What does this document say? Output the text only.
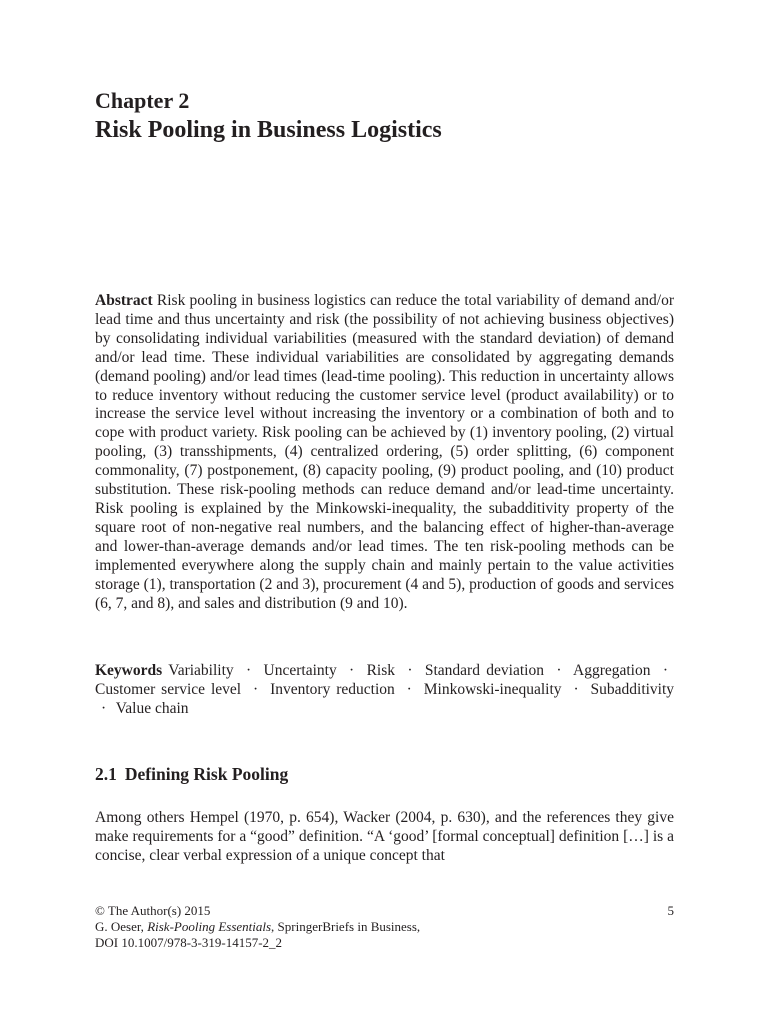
Chapter 2
Risk Pooling in Business Logistics

Abstract Risk pooling in business logistics can reduce the total variability of demand and/or lead time and thus uncertainty and risk (the possibility of not achieving business objectives) by consolidating individual variabilities (measured with the standard deviation) of demand and/or lead time. These individual variabilities are consolidated by aggregating demands (demand pooling) and/or lead times (lead-time pooling). This reduction in uncertainty allows to reduce inventory without reducing the customer service level (product availability) or to increase the service level without increasing the inventory or a combination of both and to cope with product variety. Risk pooling can be achieved by (1) inventory pooling, (2) virtual pooling, (3) transshipments, (4) centralized ordering, (5) order splitting, (6) component commonality, (7) postponement, (8) capacity pooling, (9) product pooling, and (10) product substitution. These risk-pooling methods can reduce demand and/or lead-time uncertainty. Risk pooling is explained by the Minkowski-inequality, the subadditivity property of the square root of non-negative real numbers, and the balancing effect of higher-than-average and lower-than-average demands and/or lead times. The ten risk-pooling methods can be implemented everywhere along the supply chain and mainly pertain to the value activities storage (1), transportation (2 and 3), procurement (4 and 5), production of goods and services (6, 7, and 8), and sales and distribution (9 and 10).

Keywords Variability · Uncertainty · Risk · Standard deviation · Aggregation · Customer service level · Inventory reduction · Minkowski-inequality · Subadditivity · Value chain

2.1 Defining Risk Pooling

Among others Hempel (1970, p. 654), Wacker (2004, p. 630), and the references they give make requirements for a “good” definition. “A ‘good’ [formal conceptual] definition […] is a concise, clear verbal expression of a unique concept that

© The Author(s) 2015
G. Oeser, Risk-Pooling Essentials, SpringerBriefs in Business,
DOI 10.1007/978-3-319-14157-2_2
5
